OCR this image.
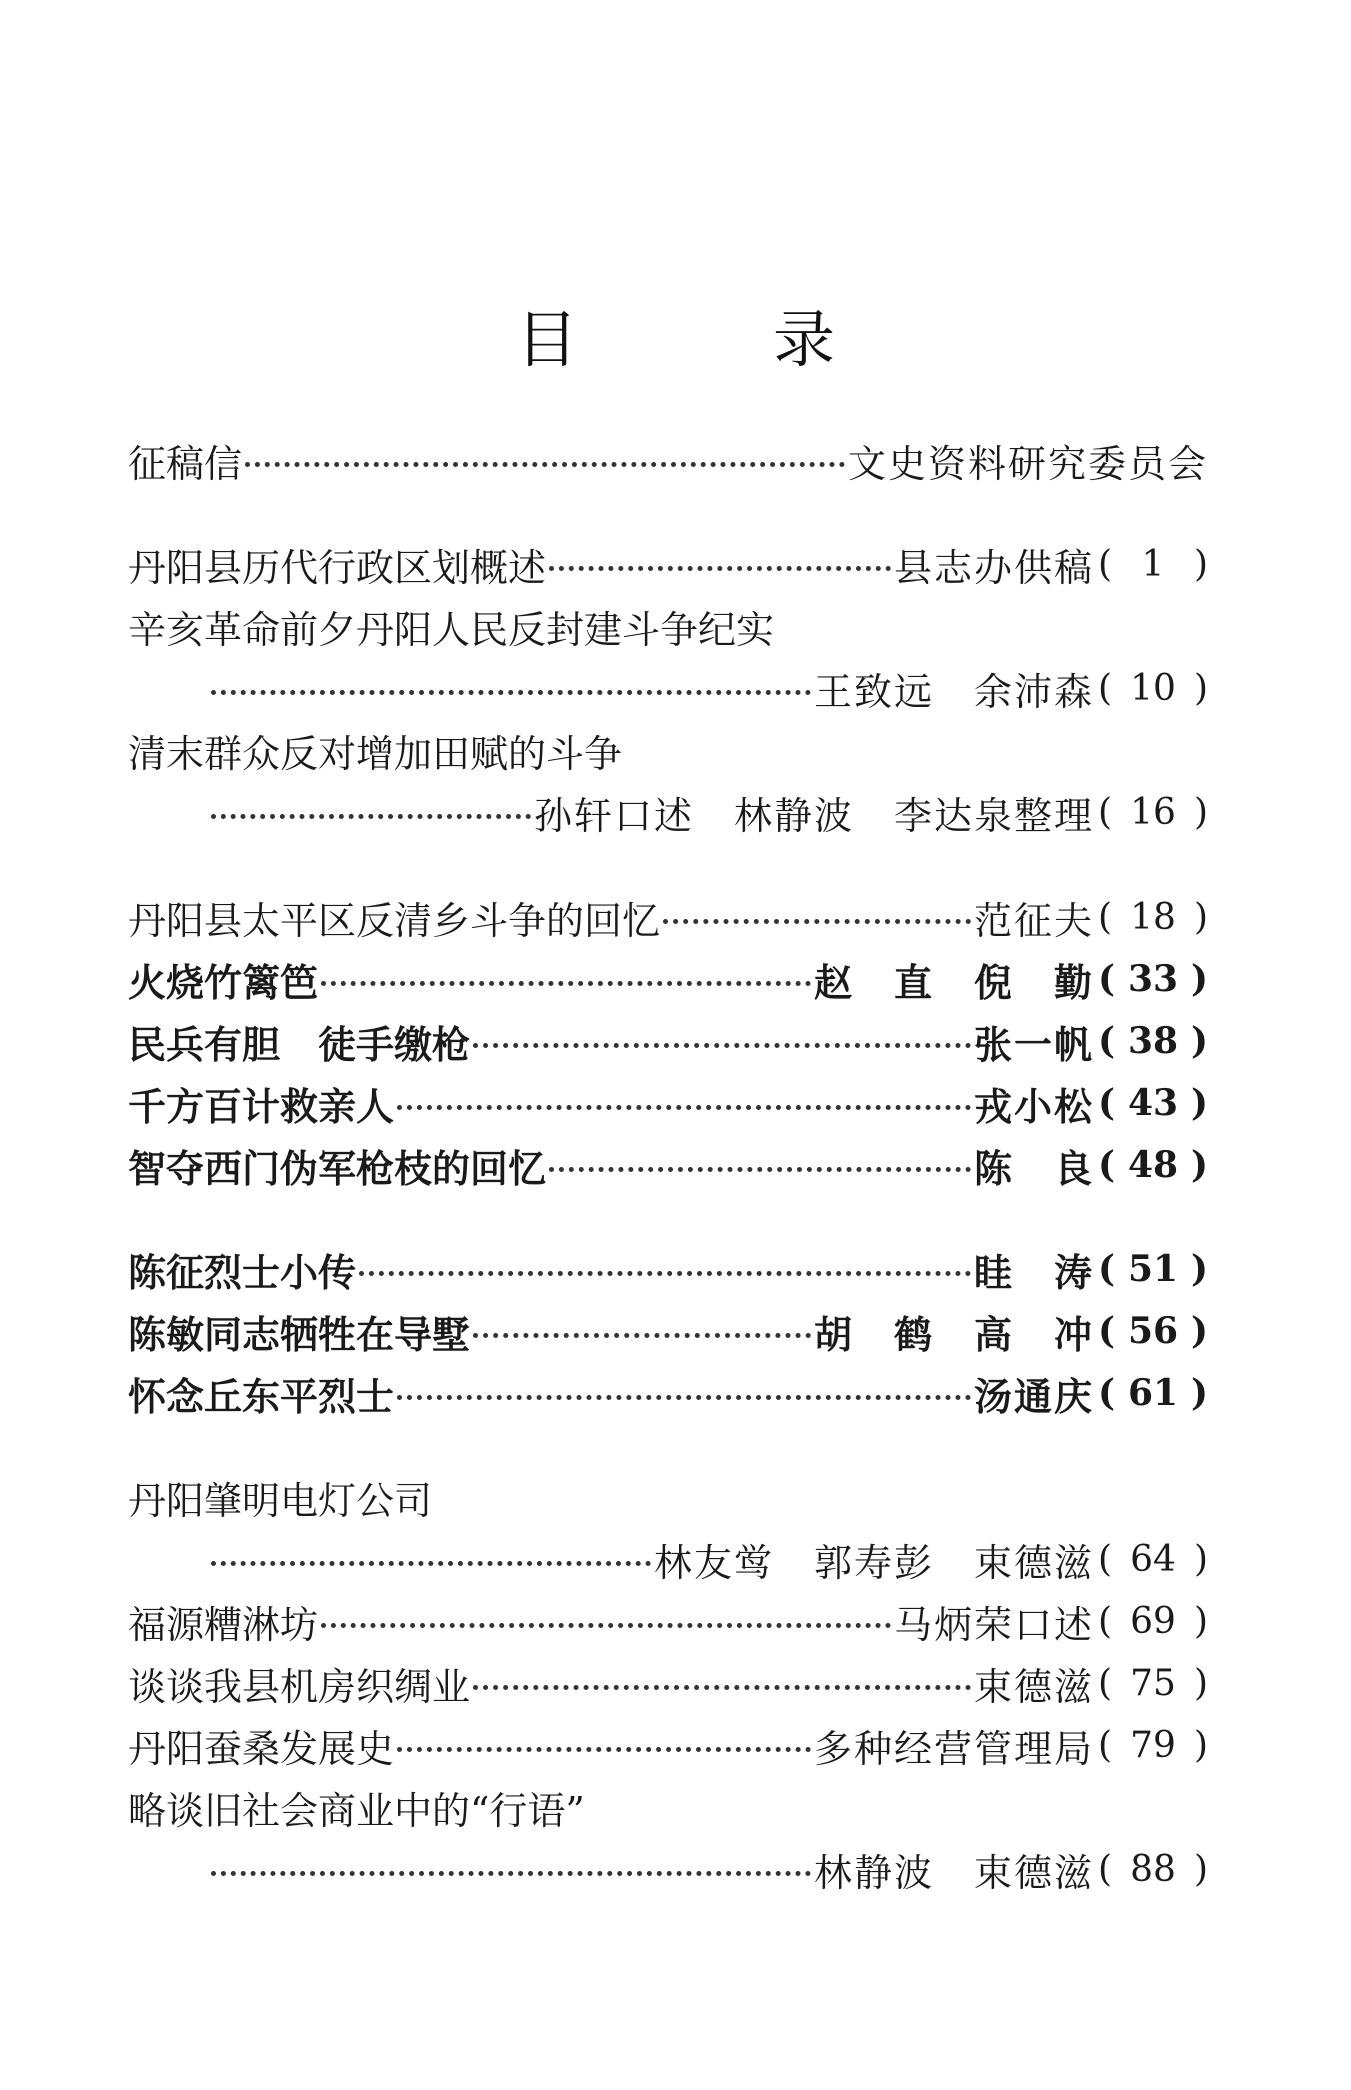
目	录
征稿信	文史资料研究委员会
丹阳县历代行政区划概述	县志办供稿 ( 1 )
辛亥革命前夕丹阳人民反封建斗争纪实
王致远　余沛森 ( 10 )
清末群众反对增加田赋的斗争
孙轩口述　林静波　李达泉整理 ( 16 )
丹阳县太平区反清乡斗争的回忆	范征夫 ( 18 )
火烧竹篱笆	赵　直　倪　勤 ( 33 )
民兵有胆　徒手缴枪	张一帆 ( 38 )
千方百计救亲人	戎小松 ( 43 )
智夺西门伪军枪枝的回忆	陈　良 ( 48 )
陈征烈士小传	眭　涛 ( 51 )
陈敏同志牺牲在导墅	胡　鹤　高　冲 ( 56 )
怀念丘东平烈士	汤通庆 ( 61 )
丹阳肇明电灯公司
林友鸴　郭寿彭　束德滋 ( 64 )
福源糟淋坊	马炳荣口述 ( 69 )
谈谈我县机房织绸业	束德滋 ( 75 )
丹阳蚕桑发展史	多种经营管理局 ( 79 )
略谈旧社会商业中的“行语”
林静波　束德滋 ( 88 )
